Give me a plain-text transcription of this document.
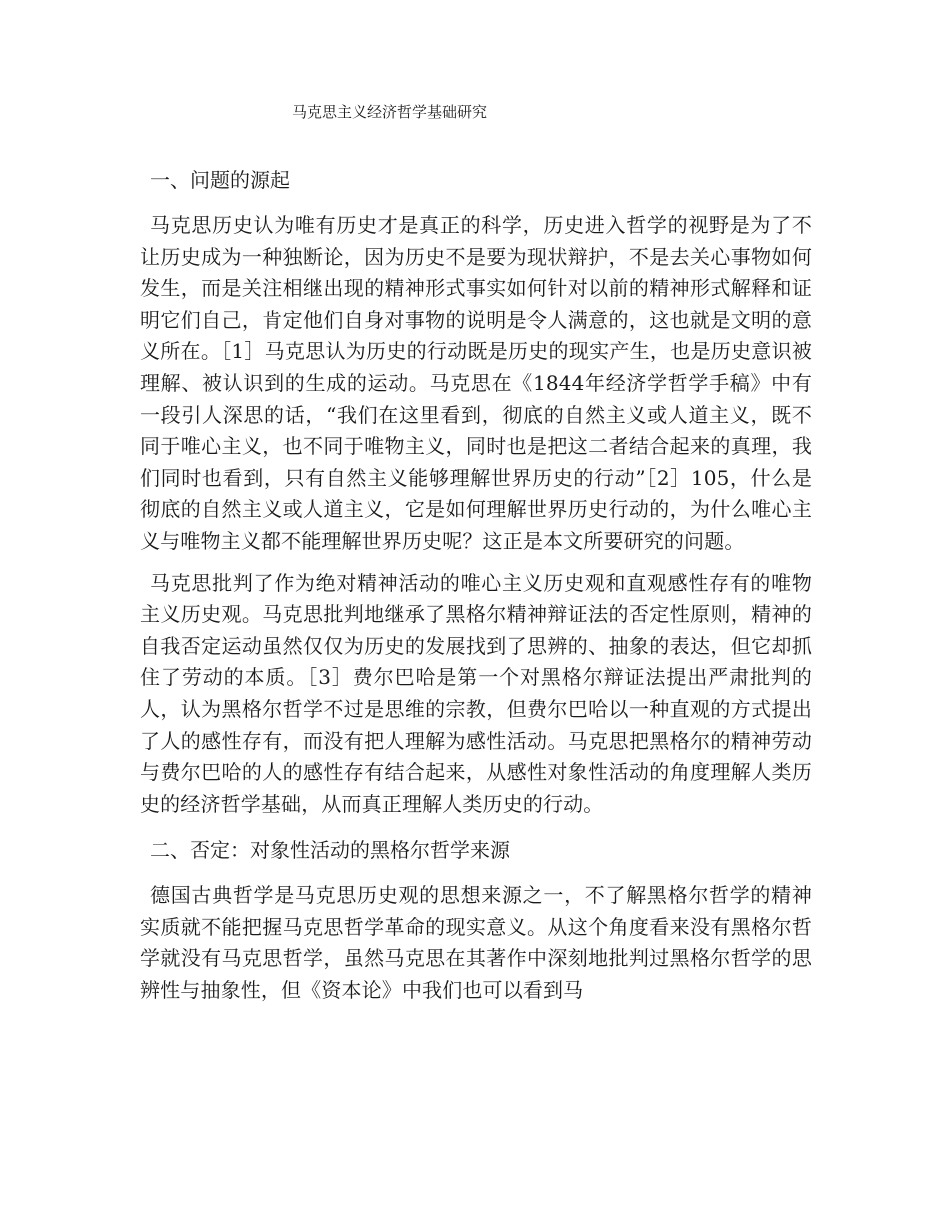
马克思主义经济哲学基础研究
一、问题的源起

马克思历史认为唯有历史才是真正的科学，历史进入哲学的视野是为了不让历史成为一种独断论，因为历史不是要为现状辩护，不是去关心事物如何发生，而是关注相继出现的精神形式事实如何针对以前的精神形式解释和证明它们自己，肯定他们自身对事物的说明是令人满意的，这也就是文明的意义所在。［1］马克思认为历史的行动既是历史的现实产生，也是历史意识被理解、被认识到的生成的运动。马克思在《1844年经济学哲学手稿》中有一段引人深思的话，“我们在这里看到，彻底的自然主义或人道主义，既不同于唯心主义，也不同于唯物主义，同时也是把这二者结合起来的真理，我们同时也看到，只有自然主义能够理解世界历史的行动”［2］105，什么是彻底的自然主义或人道主义，它是如何理解世界历史行动的，为什么唯心主义与唯物主义都不能理解世界历史呢？这正是本文所要研究的问题。

马克思批判了作为绝对精神活动的唯心主义历史观和直观感性存有的唯物主义历史观。马克思批判地继承了黑格尔精神辩证法的否定性原则，精神的自我否定运动虽然仅仅为历史的发展找到了思辨的、抽象的表达，但它却抓住了劳动的本质。［3］费尔巴哈是第一个对黑格尔辩证法提出严肃批判的人，认为黑格尔哲学不过是思维的宗教，但费尔巴哈以一种直观的方式提出了人的感性存有，而没有把人理解为感性活动。马克思把黑格尔的精神劳动与费尔巴哈的人的感性存有结合起来，从感性对象性活动的角度理解人类历史的经济哲学基础，从而真正理解人类历史的行动。

二、否定：对象性活动的黑格尔哲学来源

德国古典哲学是马克思历史观的思想来源之一，不了解黑格尔哲学的精神实质就不能把握马克思哲学革命的现实意义。从这个角度看来没有黑格尔哲学就没有马克思哲学，虽然马克思在其著作中深刻地批判过黑格尔哲学的思辨性与抽象性，但《资本论》中我们也可以看到马
